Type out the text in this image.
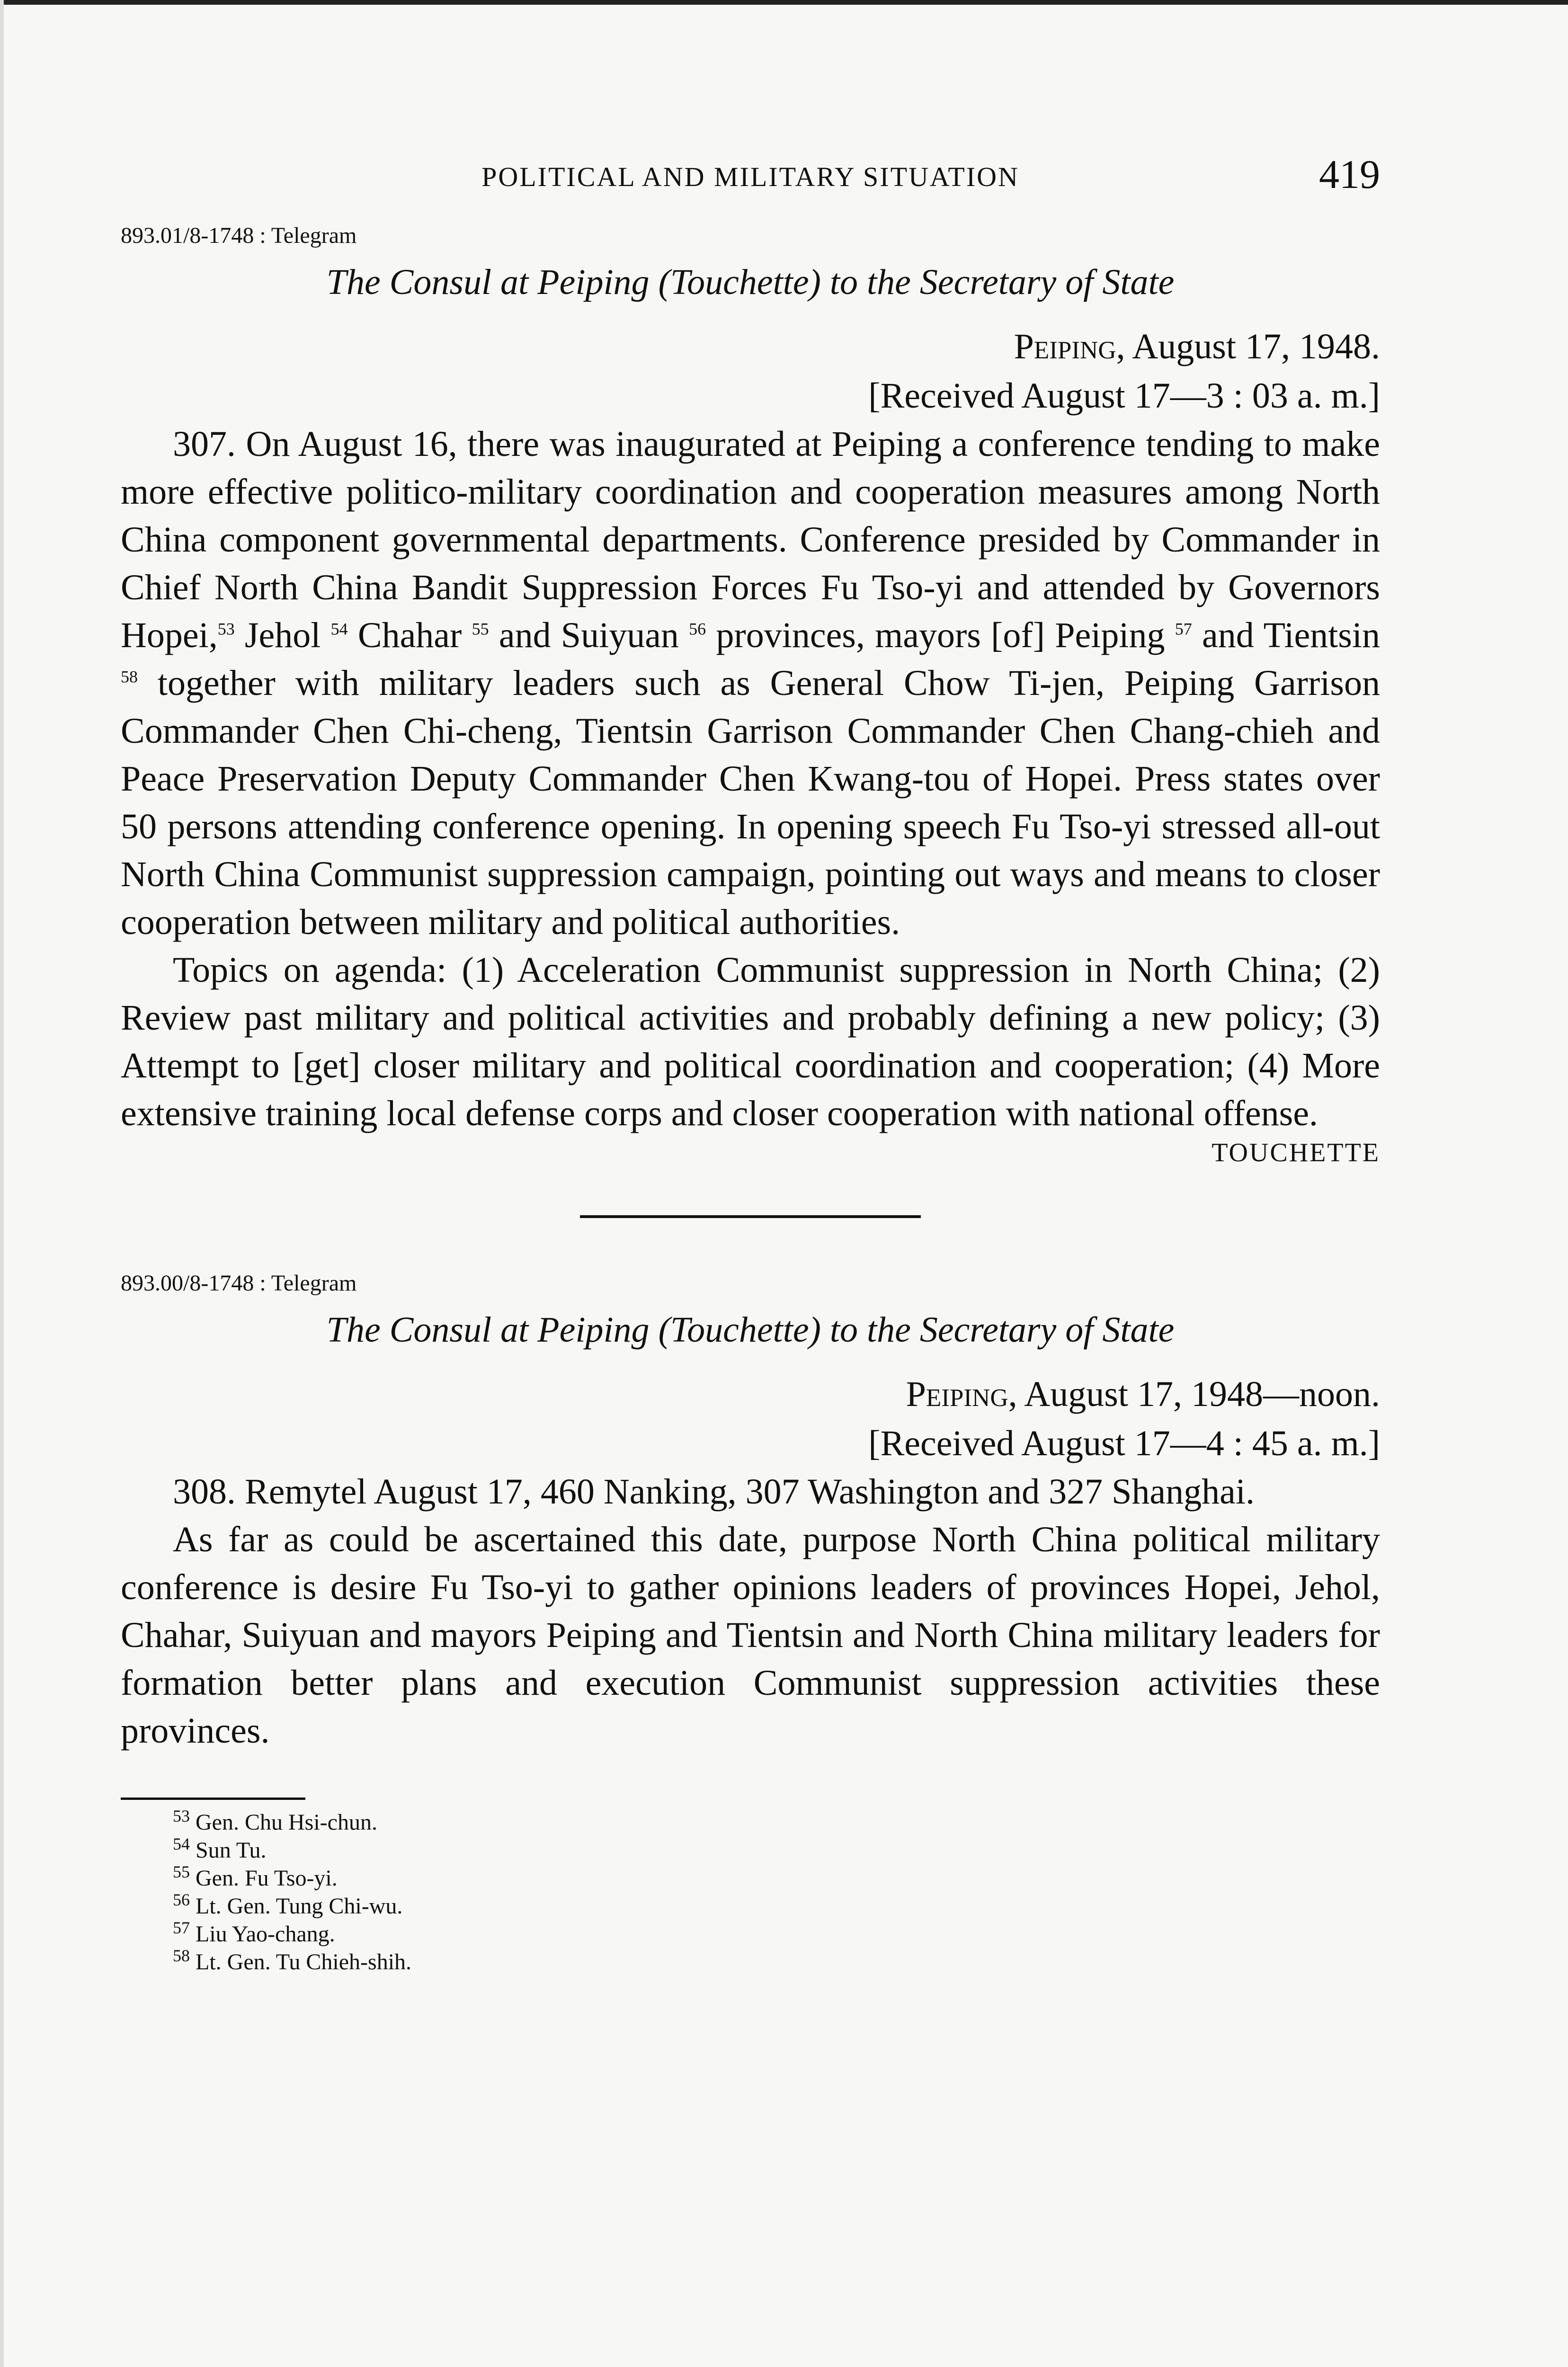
POLITICAL AND MILITARY SITUATION	419
893.01/8-1748 : Telegram
The Consul at Peiping (Touchette) to the Secretary of State
Peiping, August 17, 1948.
[Received August 17—3 : 03 a. m.]

307. On August 16, there was inaugurated at Peiping a conference tending to make more effective politico-military coordination and cooperation measures among North China component governmental departments. Conference presided by Commander in Chief North China Bandit Suppression Forces Fu Tso-yi and attended by Governors Hopei,$^{53}$ Jehol $^{54}$ Chahar $^{55}$ and Suiyuan $^{56}$ provinces, mayors [of] Peiping $^{57}$ and Tientsin $^{58}$ together with military leaders such as General Chow Ti-jen, Peiping Garrison Commander Chen Chi-cheng, Tientsin Garrison Commander Chen Chang-chieh and Peace Preservation Deputy Commander Chen Kwang-tou of Hopei. Press states over 50 persons attending conference opening. In opening speech Fu Tso-yi stressed all-out North China Communist suppression campaign, pointing out ways and means to closer cooperation between military and political authorities.

Topics on agenda: (1) Acceleration Communist suppression in North China; (2) Review past military and political activities and probably defining a new policy; (3) Attempt to [get] closer military and political coordination and cooperation; (4) More extensive training local defense corps and closer cooperation with national offense.

TOUCHETTE
893.00/8-1748 : Telegram
The Consul at Peiping (Touchette) to the Secretary of State
Peiping, August 17, 1948—noon.
[Received August 17—4 : 45 a. m.]

308. Remytel August 17, 460 Nanking, 307 Washington and 327 Shanghai.

As far as could be ascertained this date, purpose North China political military conference is desire Fu Tso-yi to gather opinions leaders of provinces Hopei, Jehol, Chahar, Suiyuan and mayors Peiping and Tientsin and North China military leaders for formation better plans and execution Communist suppression activities these provinces.

$^{53}$ Gen. Chu Hsi-chun.
$^{54}$ Sun Tu.
$^{55}$ Gen. Fu Tso-yi.
$^{56}$ Lt. Gen. Tung Chi-wu.
$^{57}$ Liu Yao-chang.
$^{58}$ Lt. Gen. Tu Chieh-shih.
